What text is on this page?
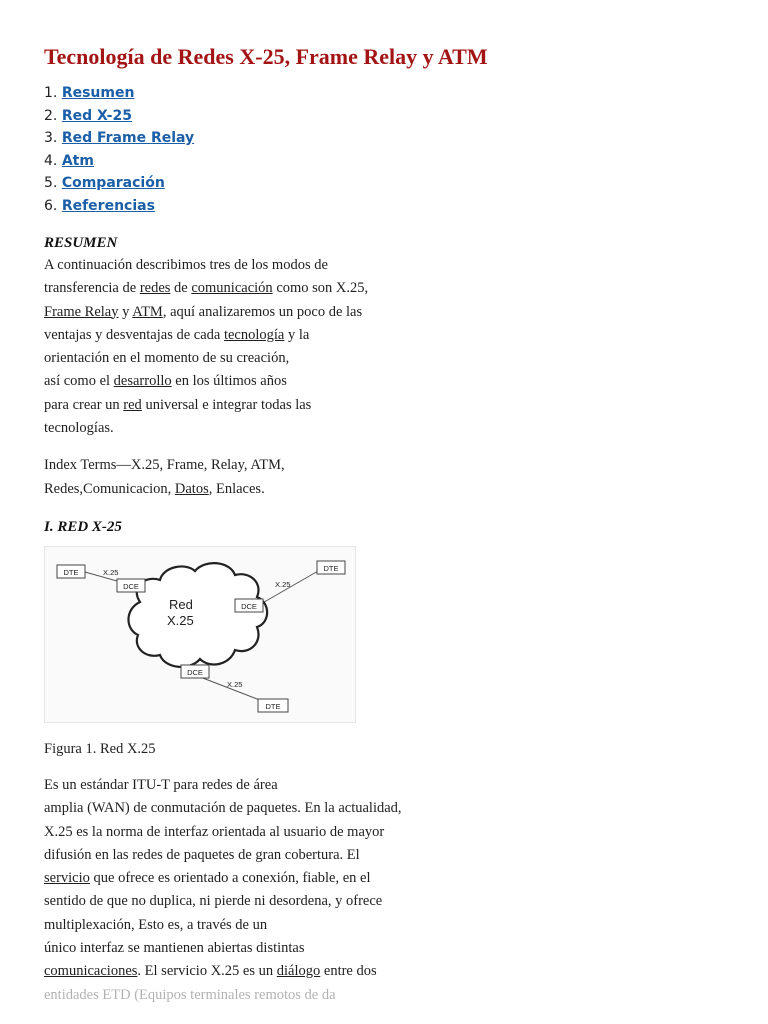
Tecnología de Redes X-25, Frame Relay y ATM
1. Resumen
2. Red X-25
3. Red Frame Relay
4. Atm
5. Comparación
6. Referencias
RESUMEN

A continuación describimos tres de los modos de
transferencia de redes de comunicación como son X.25,
Frame Relay y ATM, aquí analizaremos un poco de las
ventajas y desventajas de cada tecnología y la
orientación en el momento de su creación,
así como el desarrollo en los últimos años
para crear un red universal e integrar todas las
tecnologías.

Index Terms—X.25, Frame, Relay, ATM,
Redes,Comunicacion, Datos, Enlaces.

I. RED X-25
Red
X.25
DTE	X.25
DCE
DTE
X.25
DCE
DCE
X.25
DTE

Figura 1. Red X.25

Es un estándar ITU-T para redes de área
amplia (WAN) de conmutación de paquetes. En la actualidad,
X.25 es la norma de interfaz orientada al usuario de mayor
difusión en las redes de paquetes de gran cobertura. El
servicio que ofrece es orientado a conexión, fiable, en el
sentido de que no duplica, ni pierde ni desordena, y ofrece
multiplexación, Esto es, a través de un
único interfaz se mantienen abiertas distintas
comunicaciones. El servicio X.25 es un diálogo entre dos
entidades ETD (Equipos terminales remotos de da
